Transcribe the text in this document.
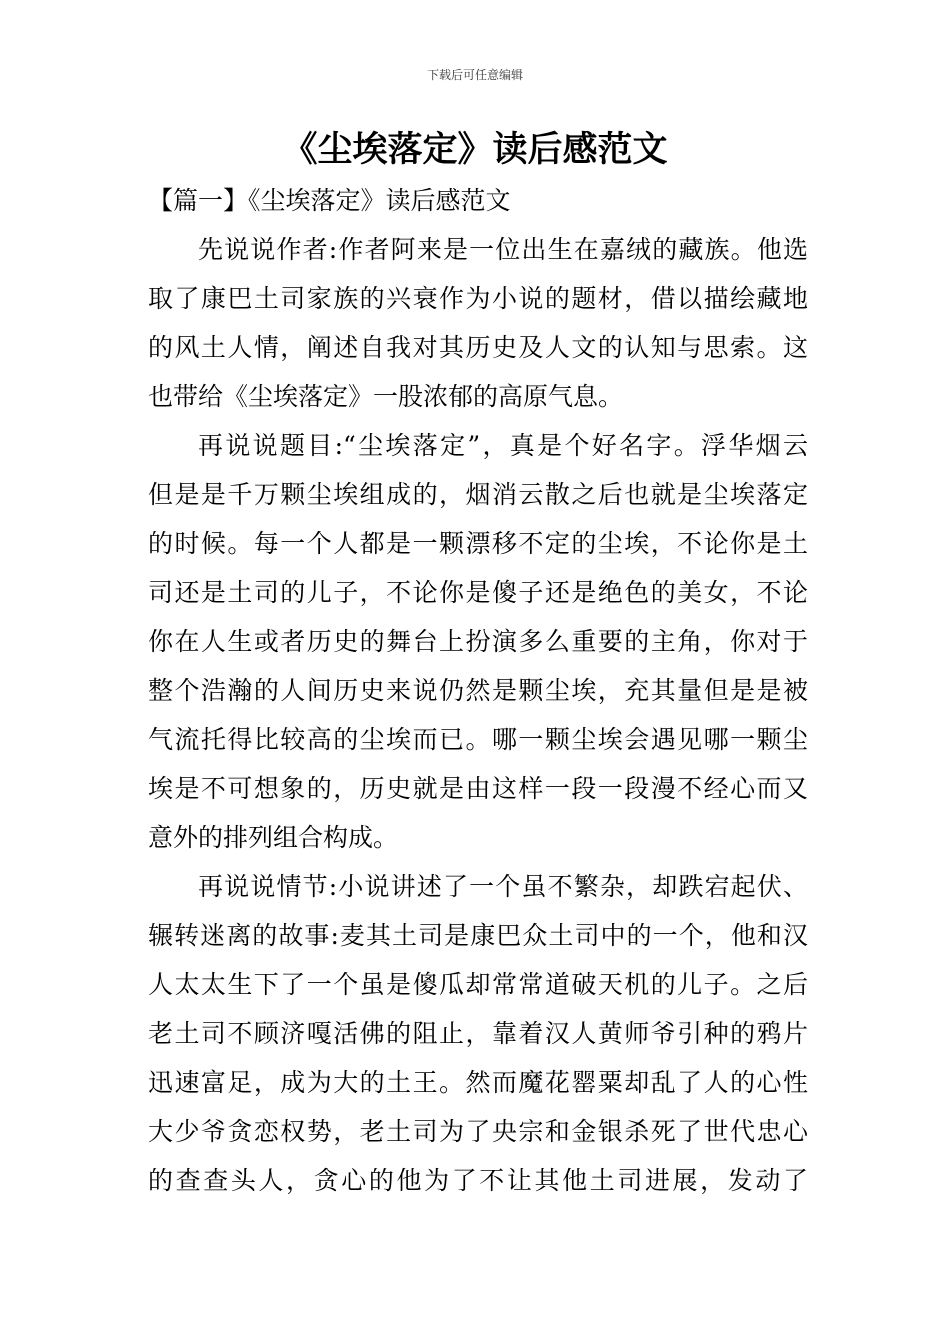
下载后可任意编辑
《尘埃落定》读后感范文
【篇一】《尘埃落定》读后感范文

先说说作者:作者阿来是一位出生在嘉绒的藏族。他选

取了康巴土司家族的兴衰作为小说的题材，借以描绘藏地

的风土人情，阐述自我对其历史及人文的认知与思索。这

也带给《尘埃落定》一股浓郁的高原气息。

再说说题目:“尘埃落定”，真是个好名字。浮华烟云

但是是千万颗尘埃组成的，烟消云散之后也就是尘埃落定

的时候。每一个人都是一颗漂移不定的尘埃，不论你是土

司还是土司的儿子，不论你是傻子还是绝色的美女，不论

你在人生或者历史的舞台上扮演多么重要的主角，你对于

整个浩瀚的人间历史来说仍然是颗尘埃，充其量但是是被

气流托得比较高的尘埃而已。哪一颗尘埃会遇见哪一颗尘

埃是不可想象的，历史就是由这样一段一段漫不经心而又

意外的排列组合构成。

再说说情节:小说讲述了一个虽不繁杂，却跌宕起伏、

辗转迷离的故事:麦其土司是康巴众土司中的一个，他和汉

人太太生下了一个虽是傻瓜却常常道破天机的儿子。之后

老土司不顾济嘎活佛的阻止，靠着汉人黄师爷引种的鸦片

迅速富足，成为大的土王。然而魔花罂粟却乱了人的心性

大少爷贪恋权势，老土司为了央宗和金银杀死了世代忠心

的查查头人，贪心的他为了不让其他土司进展，发动了
